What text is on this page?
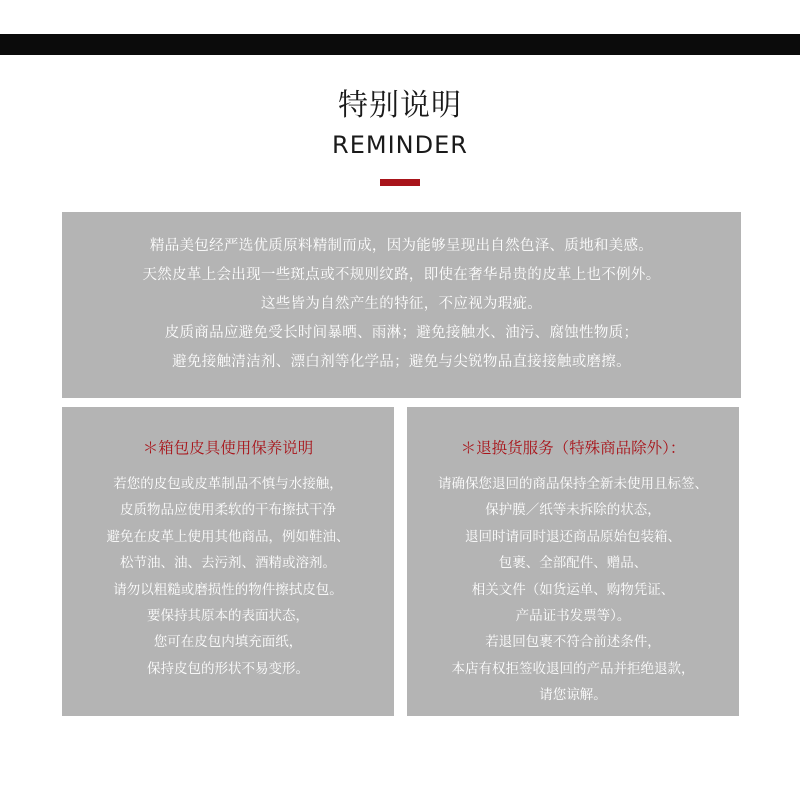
特别说明
REMINDER
精品美包经严选优质原料精制而成，因为能够呈现出自然色泽、质地和美感。
天然皮革上会出现一些斑点或不规则纹路，即使在奢华昂贵的皮革上也不例外。
这些皆为自然产生的特征，不应视为瑕疵。
皮质商品应避免受长时间暴晒、雨淋；避免接触水、油污、腐蚀性物质；
避免接触清洁剂、漂白剂等化学品；避免与尖锐物品直接接触或磨擦。
＊箱包皮具使用保养说明
若您的皮包或皮革制品不慎与水接触，
皮质物品应使用柔软的干布擦拭干净
避免在皮革上使用其他商品，例如鞋油、
松节油、油、去污剂、酒精或溶剂。
请勿以粗糙或磨损性的物件擦拭皮包。
要保持其原本的表面状态，
您可在皮包内填充面纸，
保持皮包的形状不易变形。
＊退换货服务（特殊商品除外）：
请确保您退回的商品保持全新未使用且标签、
保护膜／纸等未拆除的状态，
退回时请同时退还商品原始包装箱、
包裹、全部配件、赠品、
相关文件（如货运单、购物凭证、
产品证书发票等）。
若退回包裹不符合前述条件，
本店有权拒签收退回的产品并拒绝退款，
请您谅解。
